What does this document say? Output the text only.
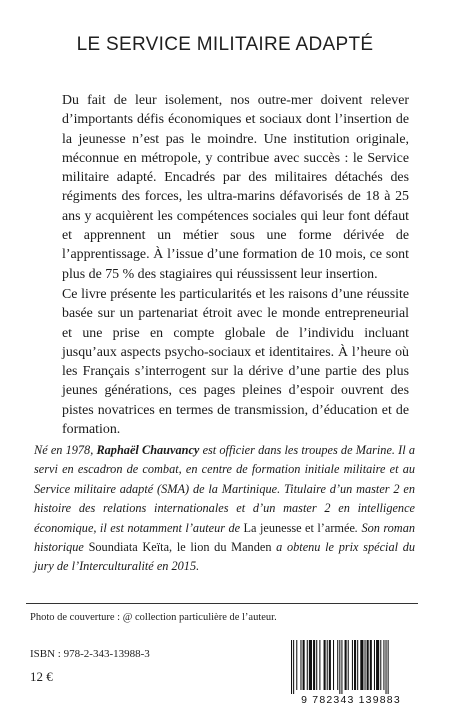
LE SERVICE MILITAIRE ADAPTÉ

Du fait de leur isolement, nos outre-mer doivent relever d’importants défis économiques et sociaux dont l’insertion de la jeunesse n’est pas le moindre. Une institution originale, méconnue en métropole, y contribue avec succès : le Service militaire adapté. Encadrés par des militaires détachés des régiments des forces, les ultra-marins défavorisés de 18 à 25 ans y acquièrent les compétences sociales qui leur font défaut et apprennent un métier sous une forme dérivée de l’apprentissage. À l’issue d’une formation de 10 mois, ce sont plus de 75 % des stagiaires qui réussissent leur insertion.

Ce livre présente les particularités et les raisons d’une réussite basée sur un partenariat étroit avec le monde entrepreneurial et une prise en compte globale de l’individu incluant jusqu’aux aspects psycho-sociaux et identitaires. À l’heure où les Français s’interrogent sur la dérive d’une partie des plus jeunes générations, ces pages pleines d’espoir ouvrent des pistes novatrices en termes de transmission, d’éducation et de formation.

Né en 1978, Raphaël Chauvancy est officier dans les troupes de Marine. Il a servi en escadron de combat, en centre de formation initiale militaire et au Service militaire adapté (SMA) de la Martinique. Titulaire d’un master 2 en histoire des relations internationales et d’un master 2 en intelligence économique, il est notamment l’auteur de La jeunesse et l’armée. Son roman historique Soundiata Keïta, le lion du Manden a obtenu le prix spécial du jury de l’Interculturalité en 2015.
Photo de couverture : @ collection particulière de l’auteur.
ISBN : 978-2-343-13988-3
12 €
9 782343 139883
